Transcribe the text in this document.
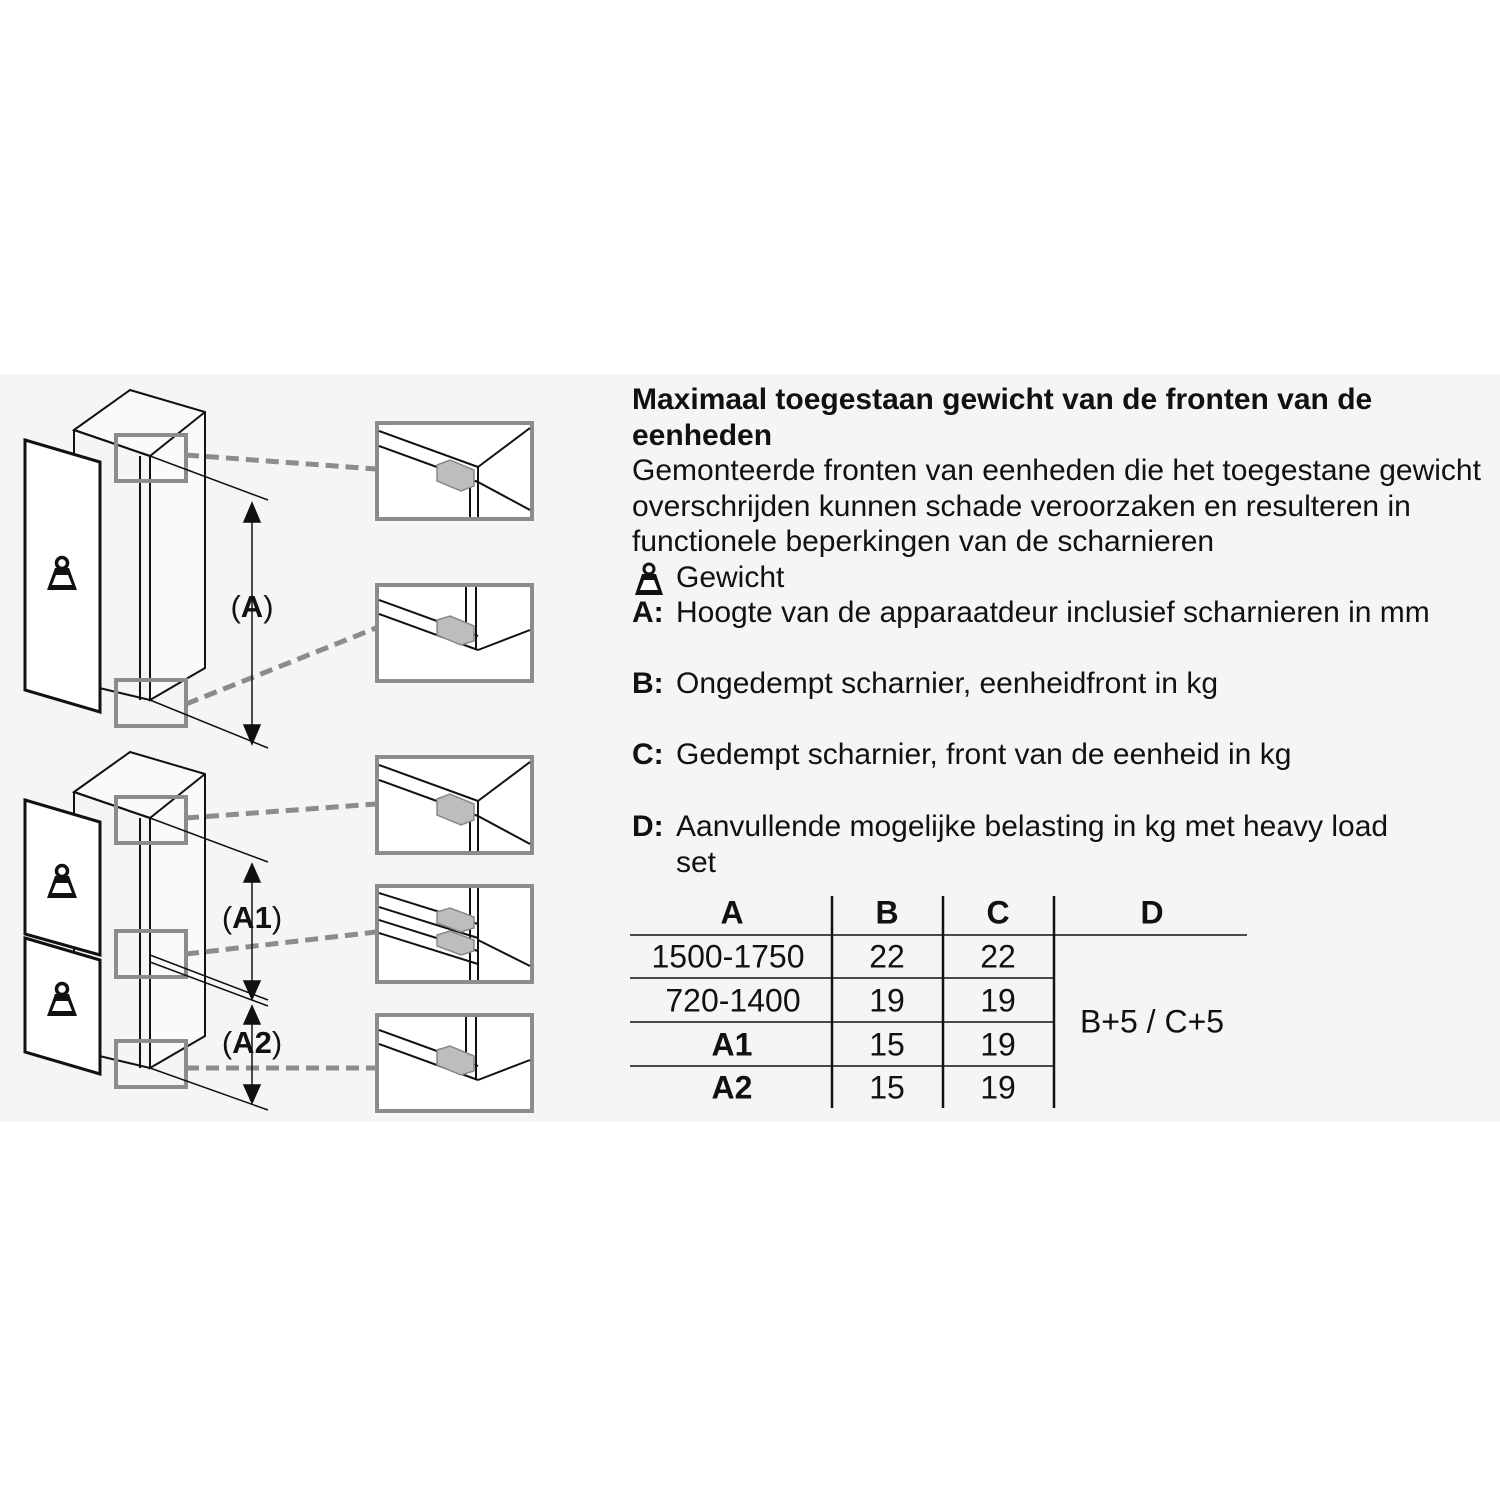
(A)
(A1)
(A2)
Maximaal toegestaan gewicht van de fronten van de eenheden
Gemonteerde fronten van eenheden die het toegestane gewicht overschrijden kunnen schade veroorzaken en resulteren in functionele beperkingen van de scharnieren
Gewicht
A: Hoogte van de apparaatdeur inclusief scharnieren in mm
B: Ongedempt scharnier, eenheidfront in kg
C: Gedempt scharnier, front van de eenheid in kg
D: Aanvullende mogelijke belasting in kg met heavy load set
A	B	C	D
1500-1750 22 22
720-1400 19 19
A1	15 19
A2	15 19
B+5 / C+5
